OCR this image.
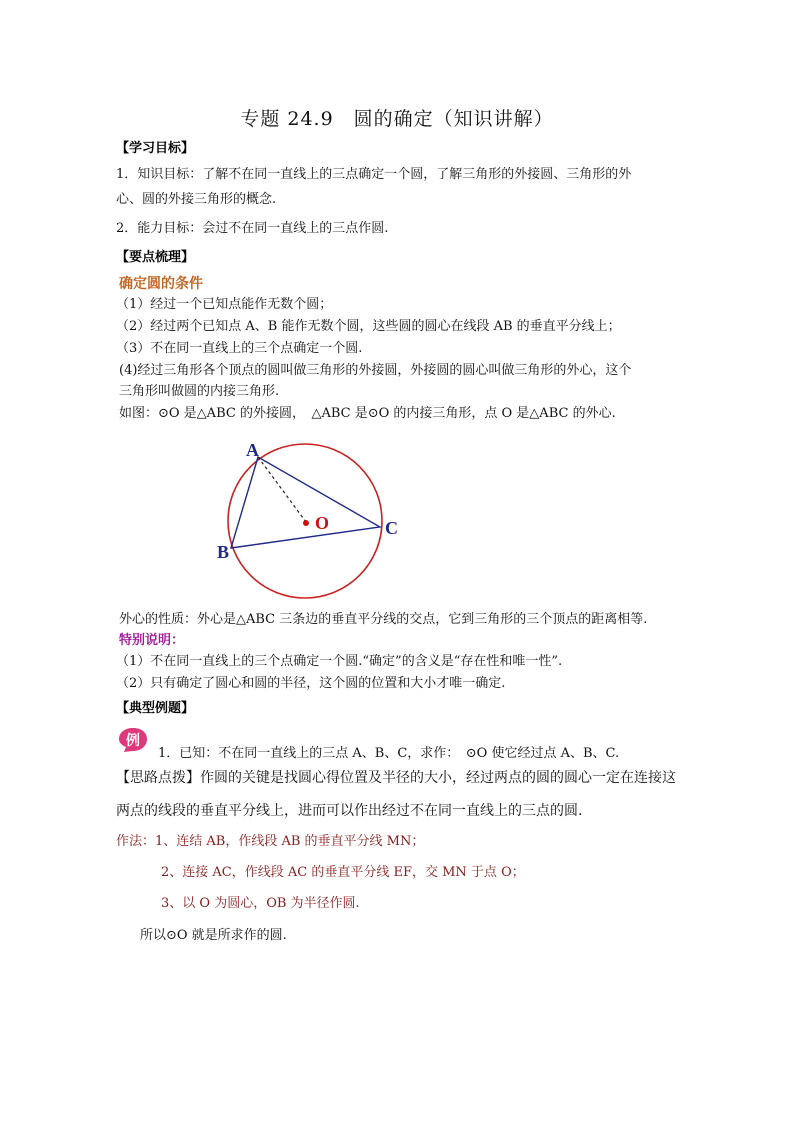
专题 24.9　圆的确定（知识讲解）
【学习目标】
1．知识目标：了解不在同一直线上的三点确定一个圆，了解三角形的外接圆、三角形的外
心、圆的外接三角形的概念.
2．能力目标：会过不在同一直线上的三点作圆.
【要点梳理】
确定圆的条件
（1）经过一个已知点能作无数个圆；
（2）经过两个已知点 A、B 能作无数个圆，这些圆的圆心在线段 AB 的垂直平分线上；
（3）不在同一直线上的三个点确定一个圆.
(4)经过三角形各个顶点的圆叫做三角形的外接圆，外接圆的圆心叫做三角形的外心，这个
三角形叫做圆的内接三角形.
如图：⊙O 是△ABC 的外接圆，　△ABC 是⊙O 的内接三角形，点 O 是△ABC 的外心.
A
B
C
O
外心的性质：外心是△ABC 三条边的垂直平分线的交点，它到三角形的三个顶点的距离相等.
特别说明：
（1）不在同一直线上的三个点确定一个圆.“确定”的含义是“存在性和唯一性”.
（2）只有确定了圆心和圆的半径，这个圆的位置和大小才唯一确定.
【典型例题】
例
1．已知：不在同一直线上的三点 A、B、C，求作：　⊙O 使它经过点 A、B、C.
【思路点拨】作圆的关键是找圆心得位置及半径的大小，经过两点的圆的圆心一定在连接这
两点的线段的垂直平分线上，进而可以作出经过不在同一直线上的三点的圆.
作法：1、连结 AB，作线段 AB 的垂直平分线 MN；
2、连接 AC，作线段 AC 的垂直平分线 EF，交 MN 于点 O；
3、以 O 为圆心，OB 为半径作圆.
所以⊙O 就是所求作的圆.
